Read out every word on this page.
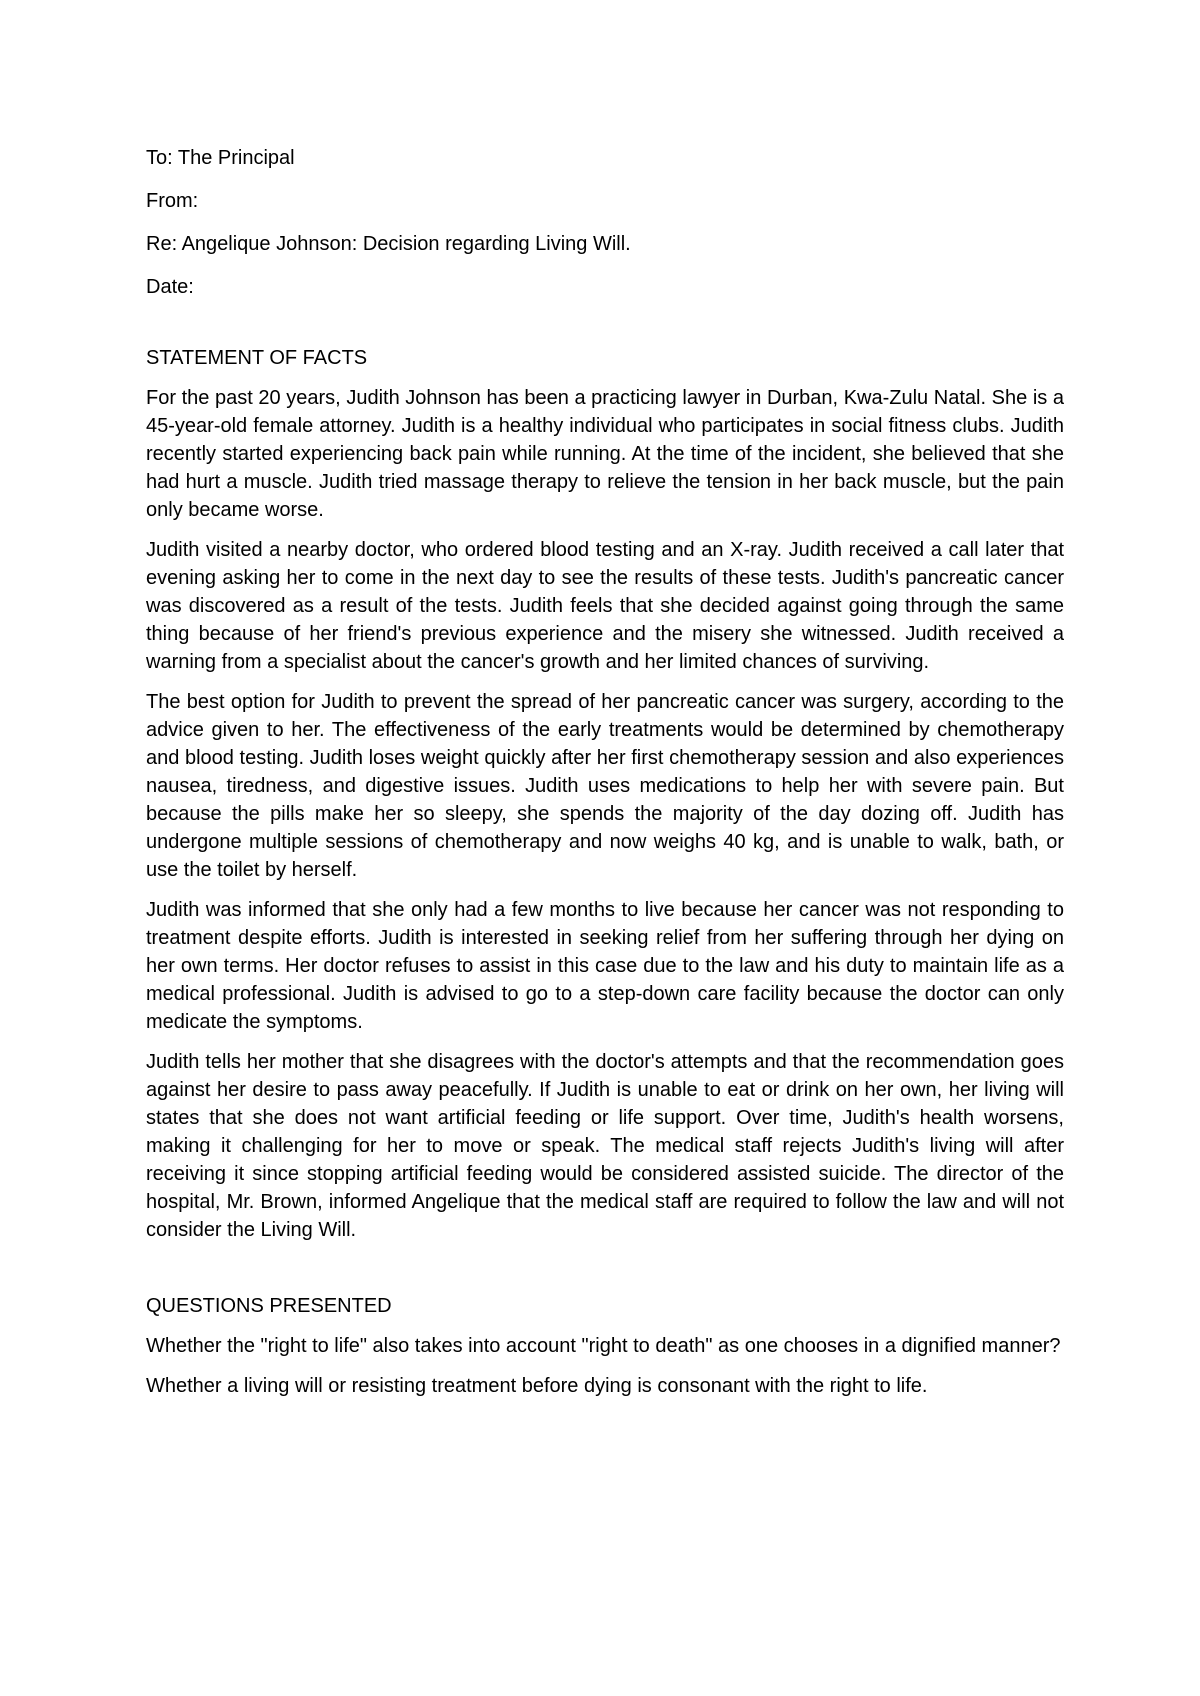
To: The Principal
From:
Re: Angelique Johnson: Decision regarding Living Will.
Date:
STATEMENT OF FACTS

For the past 20 years, Judith Johnson has been a practicing lawyer in Durban, Kwa-Zulu Natal. She is a 45-year-old female attorney. Judith is a healthy individual who participates in social fitness clubs. Judith recently started experiencing back pain while running. At the time of the incident, she believed that she had hurt a muscle. Judith tried massage therapy to relieve the tension in her back muscle, but the pain only became worse.

Judith visited a nearby doctor, who ordered blood testing and an X-ray. Judith received a call later that evening asking her to come in the next day to see the results of these tests. Judith's pancreatic cancer was discovered as a result of the tests. Judith feels that she decided against going through the same thing because of her friend's previous experience and the misery she witnessed. Judith received a warning from a specialist about the cancer's growth and her limited chances of surviving.

The best option for Judith to prevent the spread of her pancreatic cancer was surgery, according to the advice given to her. The effectiveness of the early treatments would be determined by chemotherapy and blood testing. Judith loses weight quickly after her first chemotherapy session and also experiences nausea, tiredness, and digestive issues. Judith uses medications to help her with severe pain. But because the pills make her so sleepy, she spends the majority of the day dozing off. Judith has undergone multiple sessions of chemotherapy and now weighs 40 kg, and is unable to walk, bath, or use the toilet by herself.

Judith was informed that she only had a few months to live because her cancer was not responding to treatment despite efforts. Judith is interested in seeking relief from her suffering through her dying on her own terms. Her doctor refuses to assist in this case due to the law and his duty to maintain life as a medical professional. Judith is advised to go to a step-down care facility because the doctor can only medicate the symptoms.

Judith tells her mother that she disagrees with the doctor's attempts and that the recommendation goes against her desire to pass away peacefully. If Judith is unable to eat or drink on her own, her living will states that she does not want artificial feeding or life support. Over time, Judith's health worsens, making it challenging for her to move or speak. The medical staff rejects Judith's living will after receiving it since stopping artificial feeding would be considered assisted suicide. The director of the hospital, Mr. Brown, informed Angelique that the medical staff are required to follow the law and will not consider the Living Will.

QUESTIONS PRESENTED

Whether the "right to life" also takes into account "right to death" as one chooses in a dignified manner?

Whether a living will or resisting treatment before dying is consonant with the right to life.
